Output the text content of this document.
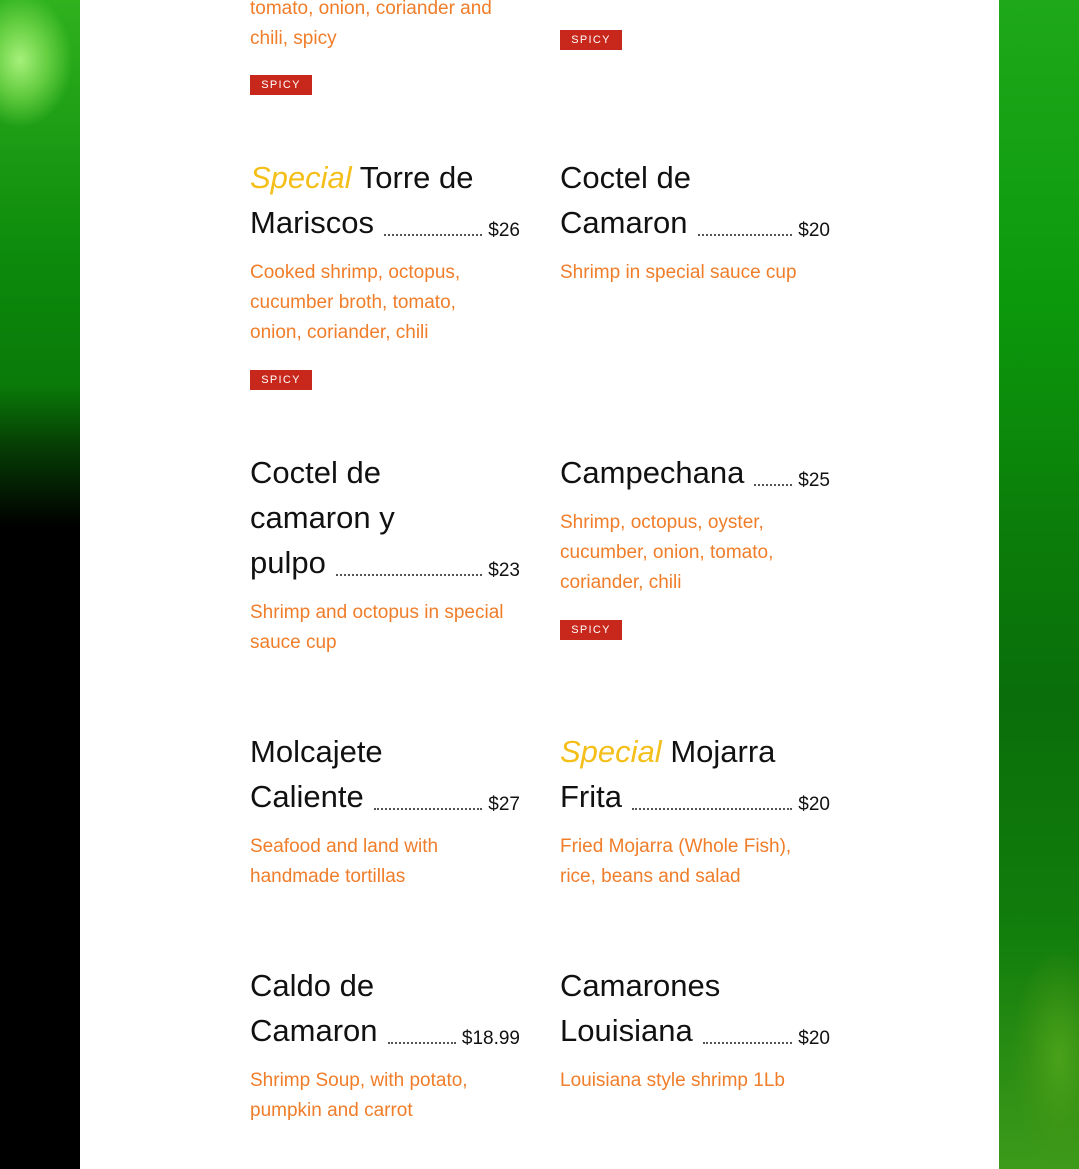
tomato, onion, coriander and
chili, spicy
SPICY
Special Torre de
Mariscos	$26
Cooked shrimp, octopus,
cucumber broth, tomato,
onion, coriander, chili
SPICY
Coctel de
camaron y
pulpo	$23
Shrimp and octopus in special
sauce cup
Molcajete
Caliente	$27
Seafood and land with
handmade tortillas
Caldo de
Camaron	$18.99
Shrimp Soup, with potato,
pumpkin and carrot
SPICY
Coctel de
Camaron	$20
Shrimp in special sauce cup
Campechana	$25
Shrimp, octopus, oyster,
cucumber, onion, tomato,
coriander, chili
SPICY
Special Mojarra
Frita	$20
Fried Mojarra (Whole Fish),
rice, beans and salad
Camarones
Louisiana	$20
Louisiana style shrimp 1Lb
